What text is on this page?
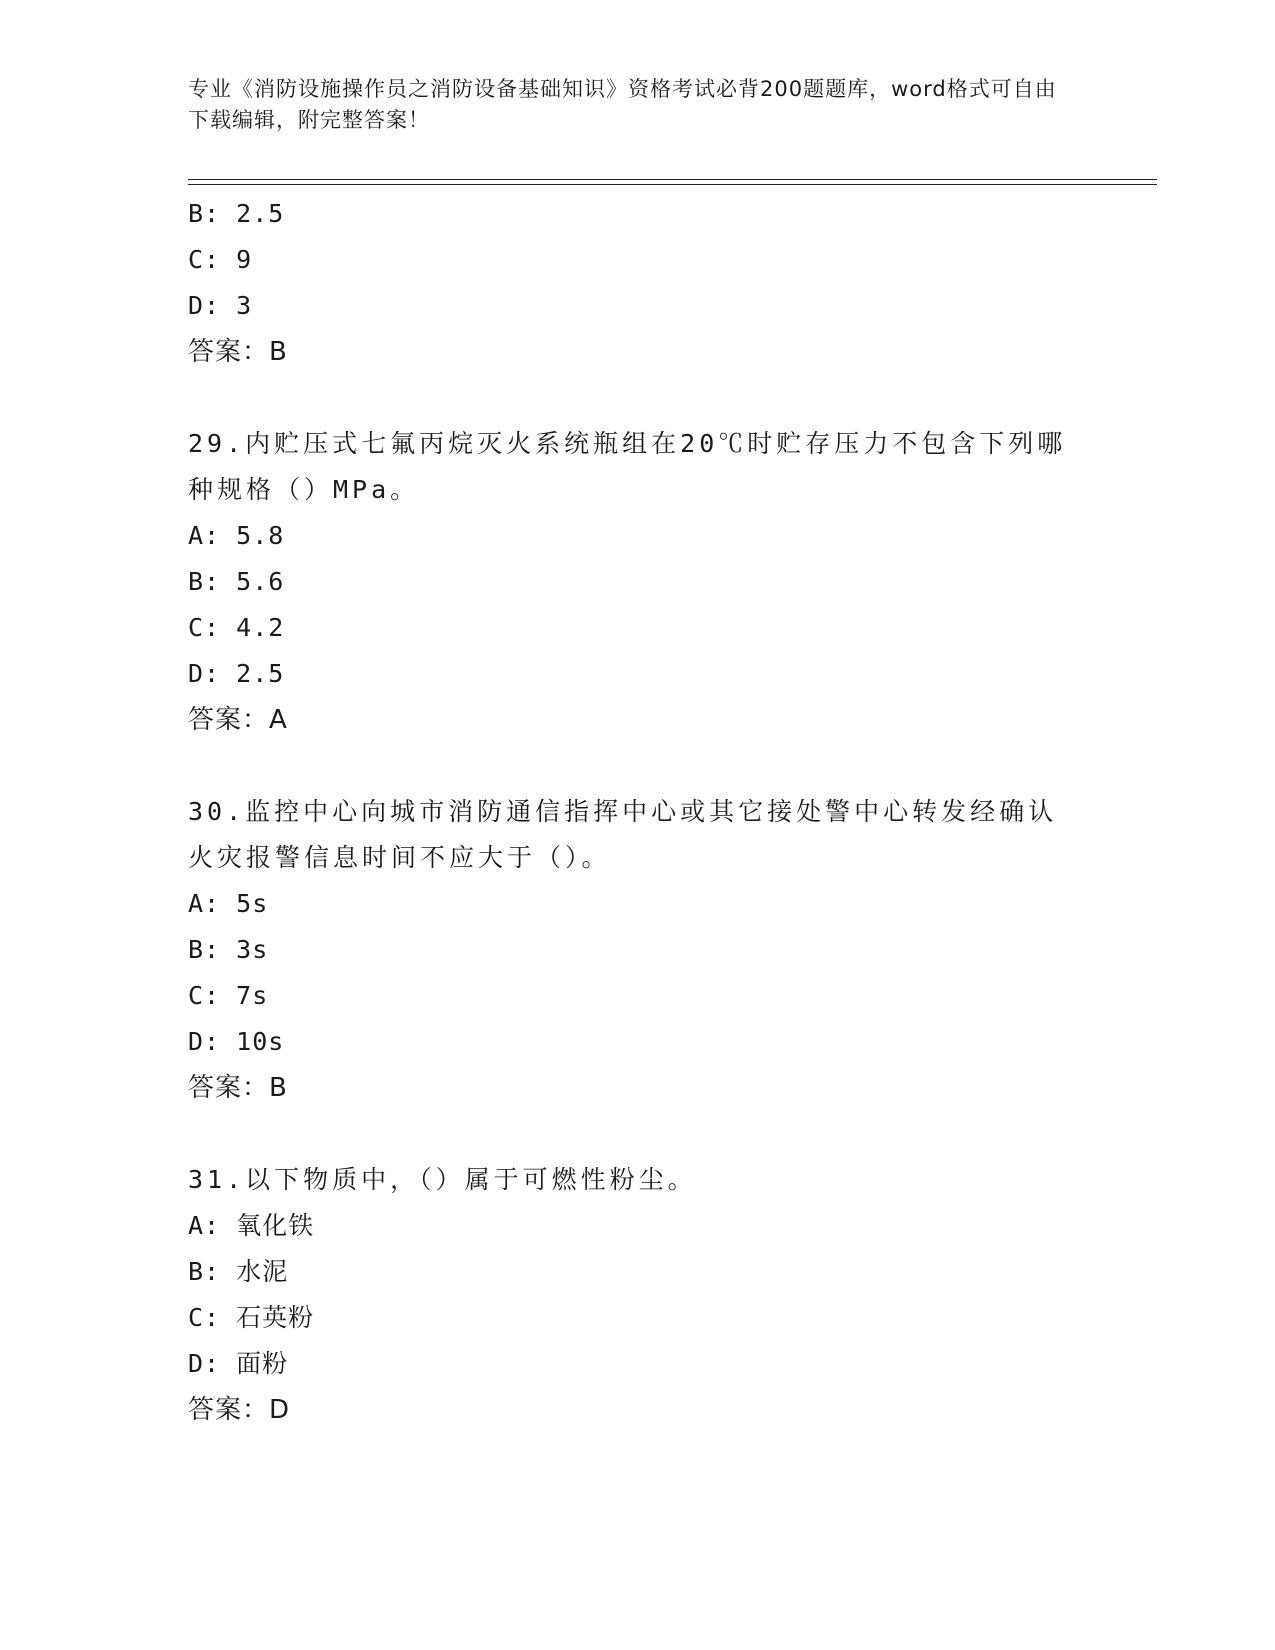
专业《消防设施操作员之消防设备基础知识》资格考试必背200题题库，word格式可自由下载编辑，附完整答案！
B: 2.5
C: 9
D: 3
答案：B
29.内贮压式七氟丙烷灭火系统瓶组在20℃时贮存压力不包含下列哪种规格（）MPa。
A: 5.8
B: 5.6
C: 4.2
D: 2.5
答案：A
30.监控中心向城市消防通信指挥中心或其它接处警中心转发经确认火灾报警信息时间不应大于（）。
A: 5s
B: 3s
C: 7s
D: 10s
答案：B
31.以下物质中，（）属于可燃性粉尘。
A: 氧化铁
B: 水泥
C: 石英粉
D: 面粉
答案：D
